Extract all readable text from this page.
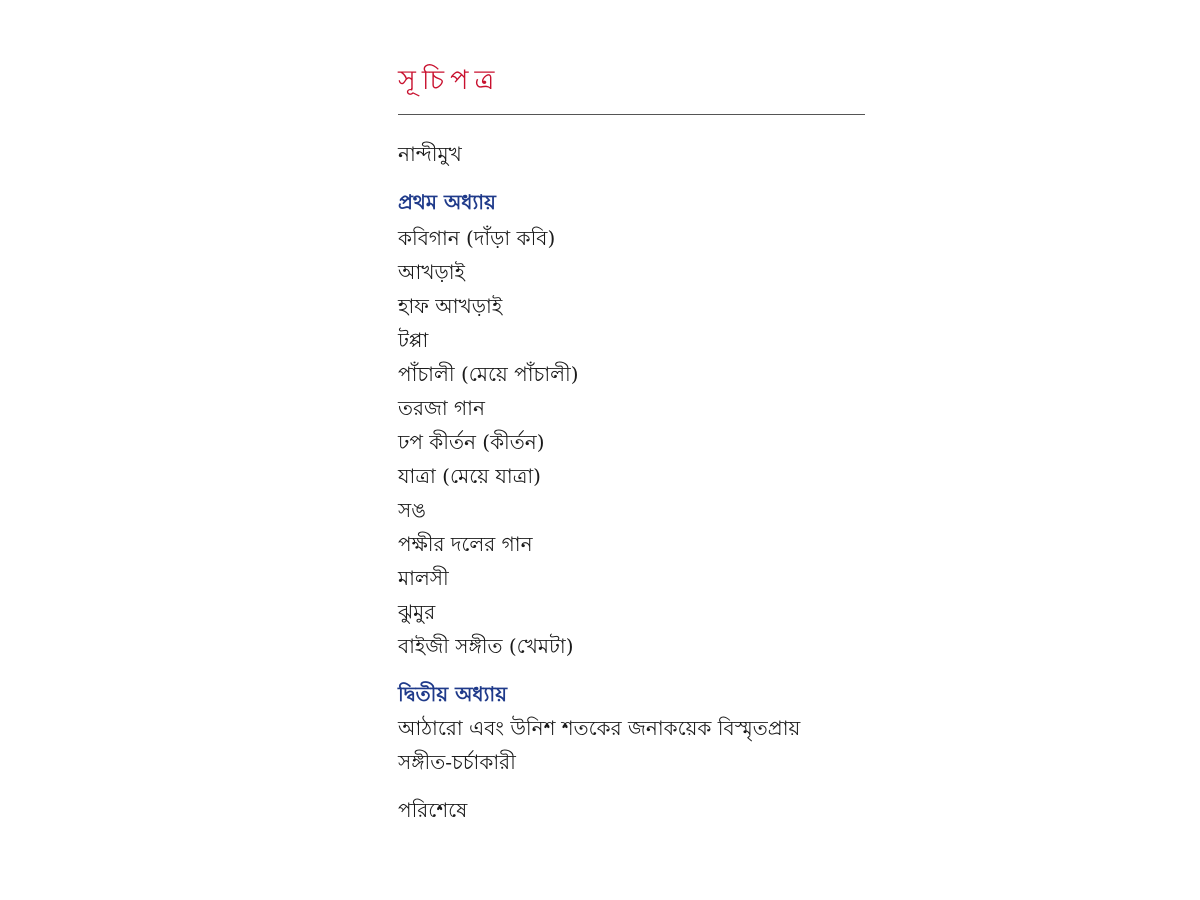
সূচিপত্র

নান্দীমুখ

প্রথম অধ্যায়

কবিগান (দাঁড়া কবি)
আখড়াই
হাফ আখড়াই
টপ্পা
পাঁচালী (মেয়ে পাঁচালী)
তরজা গান
ঢপ কীর্তন (কীর্তন)
যাত্রা (মেয়ে যাত্রা)
সঙ
পক্ষীর দলের গান
মালসী
ঝুমুর
বাইজী সঙ্গীত (খেমটা)

দ্বিতীয় অধ্যায়

আঠারো এবং উনিশ শতকের জনাকয়েক বিস্মৃতপ্রায়

সঙ্গীত-চর্চাকারী

পরিশেষে
